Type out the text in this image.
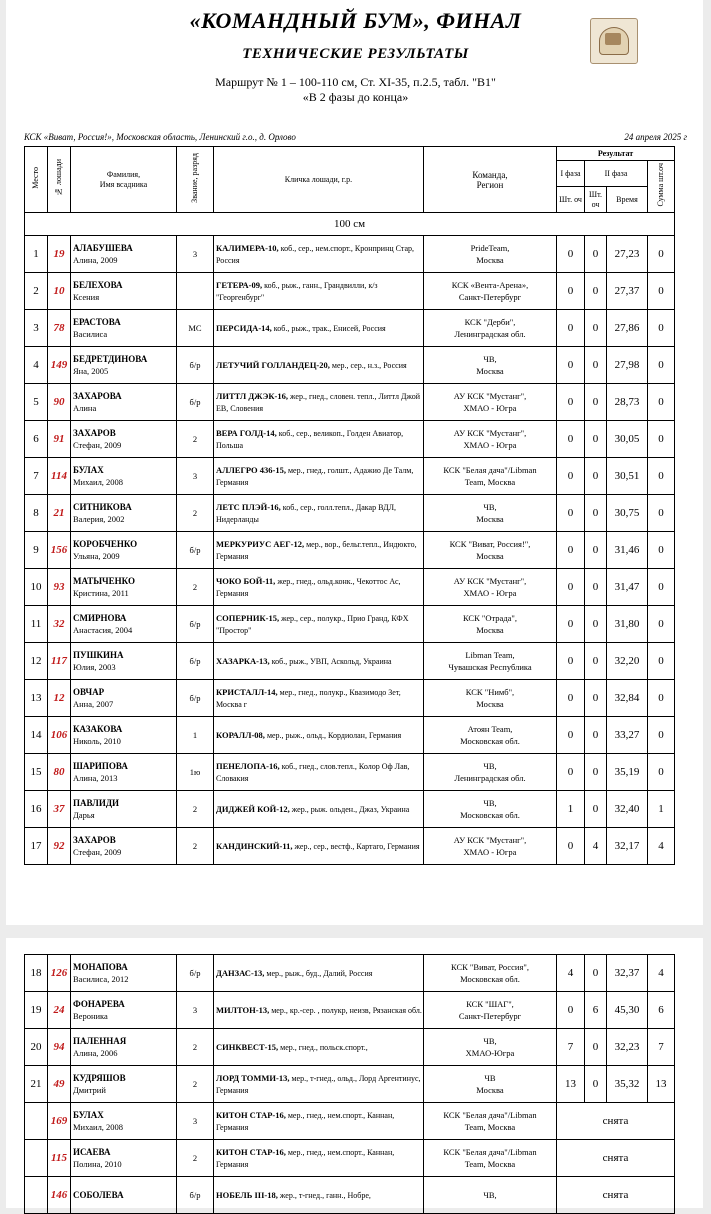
«КОМАНДНЫЙ БУМ», ФИНАЛ
ТЕХНИЧЕСКИЕ РЕЗУЛЬТАТЫ
Маршрут № 1 – 100-110 см, Ст. XI-35, п.2.5, табл. "В1"
«В 2 фазы до конца»
КСК «Виват, Россия!», Московская область, Ленинский г.о., д. Орлово	24 апреля 2025 г
Место	№ лошади	Фамилия,
Имя всадника	Звание, разряд	Кличка лошади, г.р.	Команда,
Регион	Результат			
						I фаза	II фаза		Сумма шт.оч
						Шт. оч	Шт. оч	Время	
100 см									
1	19	АЛАБУШЕВА
Алина, 2009	3	КАЛИМЕРА-10, коб., сер., нем.спорт., Кронпринц Стар, Россия	PrideTeam,
Москва	0	0	27,23	0
2	10	БЕЛЕХОВА
Ксения		ГЕТЕРА-09, коб., рыж., ганн., Грандвилли, к/з "Георгенбург"	КСК «Вента-Арена»,
Санкт-Петербург	0	0	27,37	0
3	78	ЕРАСТОВА
Василиса	МС	ПЕРСИДА-14, коб., рыж., трак., Енисей, Россия	КСК "Дерби",
Ленинградская обл.	0	0	27,86	0
4	149	БЕДРЕТДИНОВА
Яна, 2005	б/р	ЛЕТУЧИЙ ГОЛЛАНДЕЦ-20, мер., сер., н.з., Россия	ЧВ,
Москва	0	0	27,98	0
5	90	ЗАХАРОВА
Алина	б/р	ЛИТТЛ ДЖЭК-16, жер., гнед., словен. тепл., Литтл Джой ЕВ, Словения	АУ КСК "Мустанг",
ХМАО - Югра	0	0	28,73	0
6	91	ЗАХАРОВ
Стефан, 2009	2	ВЕРА ГОЛД-14, коб., сер., великоп., Голден Авиатор, Польша	АУ КСК "Мустанг",
ХМАО - Югра	0	0	30,05	0
7	114	БУЛАХ
Михаил, 2008	3	АЛЛЕГРО 436-15, мер., гнед., голшт., Адажио Де Талм, Германия	КСК "Белая дача"/Libman
Team, Москва	0	0	30,51	0
8	21	СИТНИКОВА
Валерия, 2002	2	ЛЕТС ПЛЭЙ-16, коб., сер., голл.тепл., Дакар ВДЛ, Нидерланды	ЧВ,
Москва	0	0	30,75	0
9	156	КОРОБЧЕНКО
Ульяна, 2009	б/р	МЕРКУРИУС АЕГ-12, мер., вор., бельг.тепл., Индюкто, Германия	КСК "Виват, Россия!",
Москва	0	0	31,46	0
10	93	МАТЫЧЕНКО
Кристина, 2011	2	ЧОКО БОЙ-11, жер., гнед., ольд.конк., Чекоттос Ас, Германия	АУ КСК "Мустанг",
ХМАО - Югра	0	0	31,47	0
11	32	СМИРНОВА
Анастасия, 2004	б/р	СОПЕРНИК-15, жер., сер., полукр., Прио Гранд, КФХ "Простор"	КСК "Отрада",
Москва	0	0	31,80	0
12	117	ПУШКИНА
Юлия, 2003	б/р	ХАЗАРКА-13, коб., рыж., УВП, Аскольд, Украина	Libman Team,
Чувашская Республика	0	0	32,20	0
13	12	ОВЧАР
Анна, 2007	б/р	КРИСТАЛЛ-14, мер., гнед., полукр., Квазимодо Зет, Москва г	КСК "Нимб",
Москва	0	0	32,84	0
14	106	КАЗАКОВА
Николь, 2010	1	КОРАЛЛ-08, мер., рыж., ольд., Кордиолан, Германия	Атоян Team,
Московская обл.	0	0	33,27	0
15	80	ШАРИПОВА
Алина, 2013	1ю	ПЕНЕЛОПА-16, коб., гнед., слов.тепл., Колор Оф Лав, Словакия	ЧВ,
Ленинградская обл.	0	0	35,19	0
16	37	ПАВЛИДИ
Дарья	2	ДИДЖЕЙ КОЙ-12, жер., рыж. ольден., Джаз, Украина	ЧВ,
Московская обл.	1	0	32,40	1
17	92	ЗАХАРОВ
Стефан, 2009	2	КАНДИНСКИЙ-11, жер., сер., вестф., Картаго, Германия	АУ КСК "Мустанг",
ХМАО - Югра	0	4	32,17	4
18	126	МОНАПОВА
Василиса, 2012	б/р	ДАНЗАС-13, мер., рыж., буд., Далий, Россия	КСК "Виват, Россия",
Московская обл.	4	0	32,37	4
19	24	ФОНАРЕВА
Вероника	3	МИЛТОН-13, мер., кр.-сер. , полукр, неизв, Рязанская обл.	КСК "ШАГ",
Санкт-Петербург	0	6	45,30	6
20	94	ПАЛЕННАЯ
Алина, 2006	2	СИНКВЕСТ-15, мер., гнед., польск.спорт.,	ЧВ,
ХМАО-Югра	7	0	32,23	7
21	49	КУДРЯШОВ
Дмитрий	2	ЛОРД ТОММИ-13, мер., т-гнед., ольд., Лорд Аргентинус, Германия	ЧВ
Москва	13	0	35,32	13
	169	БУЛАХ
Михаил, 2008	3	КИТОН СТАР-16, мер., гнед., нем.спорт., Каннан, Германия	КСК "Белая дача"/Libman
Team, Москва	снята			
	115	ИСАЕВА
Полина, 2010	2	КИТОН СТАР-16, мер., гнед., нем.спорт., Каннан, Германия	КСК "Белая дача"/Libman
Team, Москва	снята			
	146	СОБОЛЕВА	б/р	НОБЕЛЬ III-18, жер., т-гнед., ганн., Нобре,	ЧВ,	снята			
